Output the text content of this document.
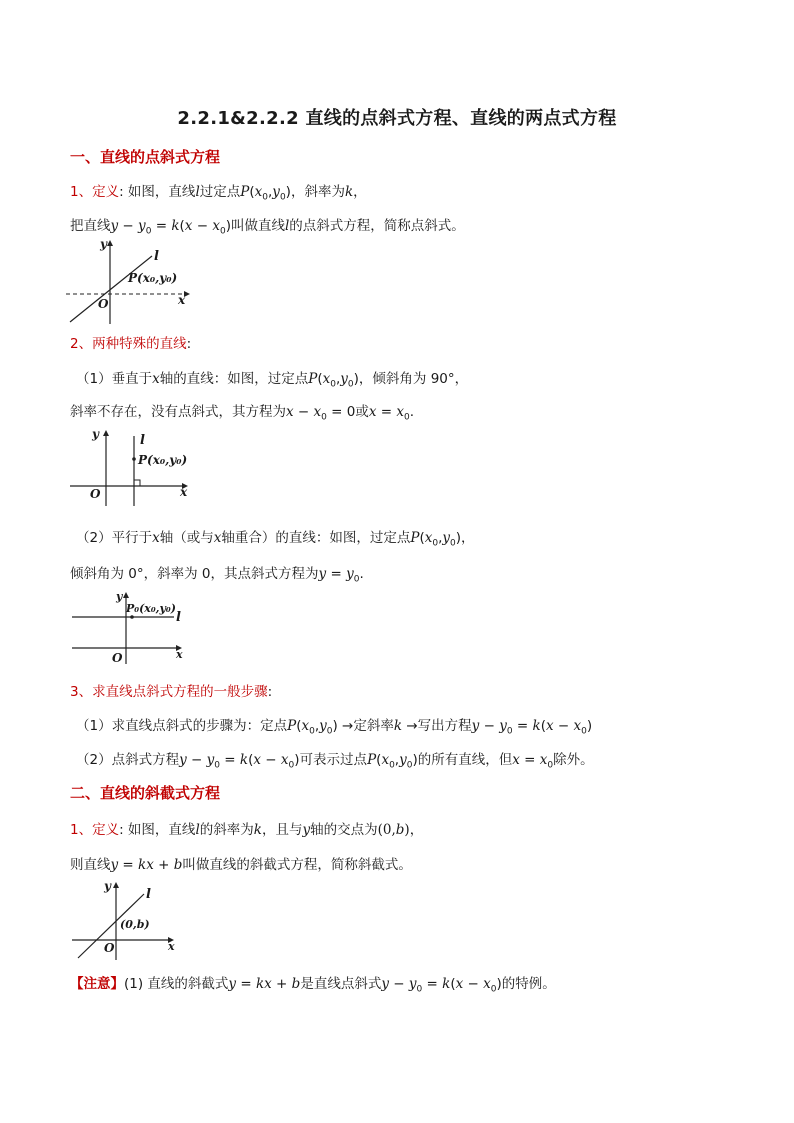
2.2.1&2.2.2 直线的点斜式方程、直线的两点式方程
一、直线的点斜式方程
1、定义: 如图，直线l过定点$P(x_0,y_0)$，斜率为k，
把直线$y - y_0 = k(x - x_0)$叫做直线l的点斜式方程，简称点斜式。
y
l
P(x₀,y₀)
O	x
2、两种特殊的直线:
（1）垂直于x轴的直线：如图，过定点$P(x_0,y_0)$，倾斜角为 90°，
斜率不存在，没有点斜式，其方程为$x - x_0 = 0$或$x = x_0$.
y	l
P(x₀,y₀)
O	x
（2）平行于x轴（或与x轴重合）的直线：如图，过定点$P(x_0,y_0)$，
倾斜角为 0°，斜率为 0，其点斜式方程为$y = y_0$.
y
P₀(x₀,y₀)
l
O	x
3、求直线点斜式方程的一般步骤:
（1）求直线点斜式的步骤为：定点$P(x_0,y_0)$ →定斜率k →写出方程$y - y_0 = k(x - x_0)$
（2）点斜式方程$y - y_0 = k(x - x_0)$可表示过点$P(x_0,y_0)$的所有直线，但$x = x_0$除外。
二、直线的斜截式方程
1、定义: 如图，直线l的斜率为k，且与y轴的交点为(0,b)，
则直线y = kx + b叫做直线的斜截式方程，简称斜截式。
y
l
(0,b)
O	x
【注意】(1) 直线的斜截式y = kx + b是直线点斜式$y - y_0 = k(x - x_0)$的特例。
